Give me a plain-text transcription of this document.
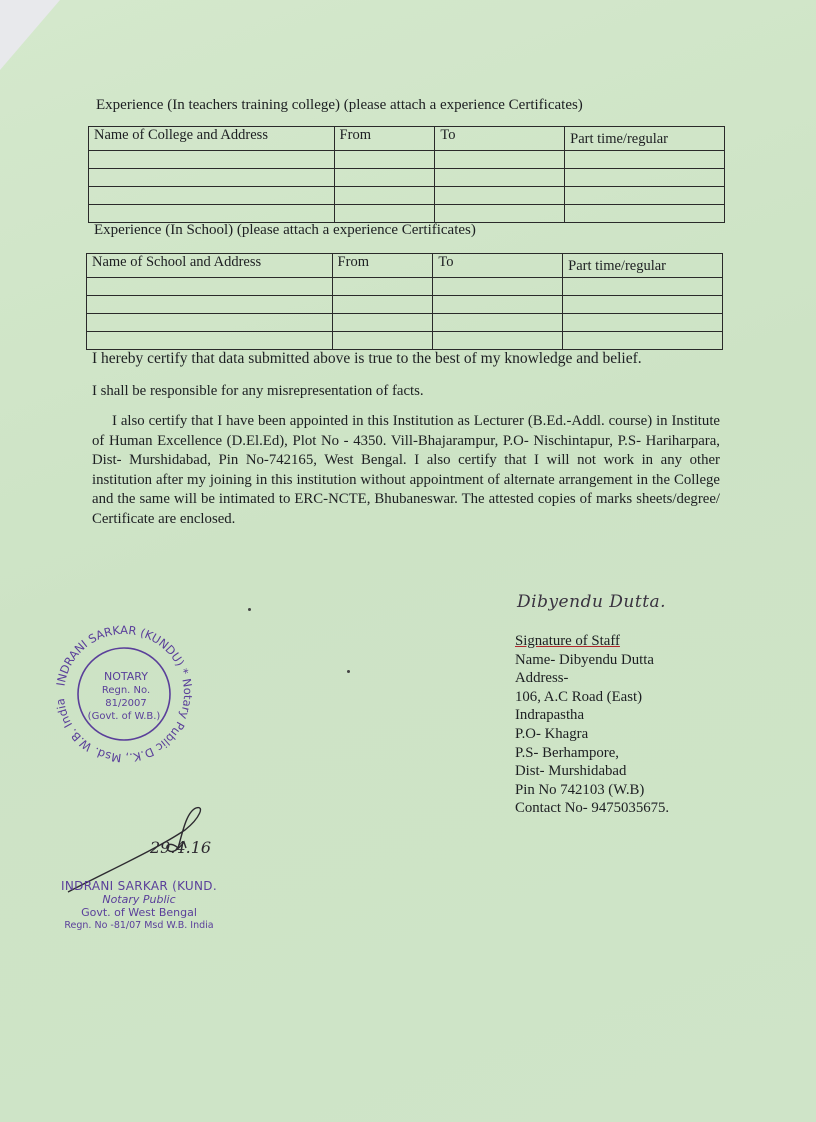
Experience (In teachers training college) (please attach a experience Certificates)
Name of College and Address	From	To	Part time/regular

Experience (In School) (please attach a experience Certificates)
Name of School and Address	From	To	Part time/regular

I hereby certify that data submitted above is true to the best of my knowledge and belief.
I shall be responsible for any misrepresentation of facts.
I also certify that I have been appointed in this Institution as Lecturer (B.Ed.-Addl. course) in Institute of Human Excellence (D.El.Ed), Plot No - 4350. Vill-Bhajarampur, P.O- Nischintapur, P.S- Hariharpara, Dist- Murshidabad, Pin No-742165, West Bengal. I also certify that I will not work in any other institution after my joining in this institution without appointment of alternate arrangement in the College and the same will be intimated to ERC-NCTE, Bhubaneswar. The attested copies of marks sheets/degree/ Certificate are enclosed.
INDRANI SARKAR (KUNDU) * Notary Public D.K., Msd. W.B. India
NOTARY
Regn. No.
81/2007
(Govt. of W.B.)
Dibyendu Dutta.
Signature of Staff
Name- Dibyendu Dutta
Address-
106, A.C Road (East)
Indrapastha
P.O- Khagra
P.S- Berhampore,
Dist- Murshidabad
Pin No 742103 (W.B)
Contact No- 9475035675.
29.4.16
INDRANI SARKAR (KUND.
Notary Public
Govt. of West Bengal
Regn. No -81/07 Msd W.B. India
